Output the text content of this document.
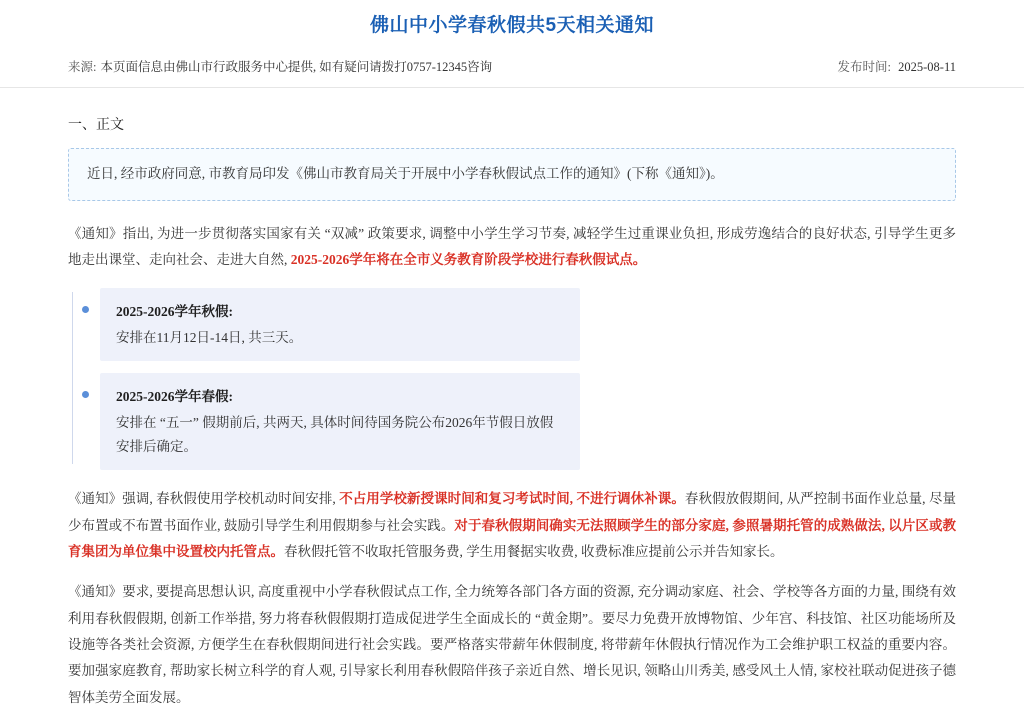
佛山中小学春秋假共5天相关通知
来源: 本页面信息由佛山市行政服务中心提供, 如有疑问请拨打0757-12345咨询	发布时间: 2025-08-11
一、正文
近日, 经市政府同意, 市教育局印发《佛山市教育局关于开展中小学春秋假试点工作的通知》(下称《通知》)。

《通知》指出, 为进一步贯彻落实国家有关 “双减” 政策要求, 调整中小学生学习节奏, 减轻学生过重课业负担, 形成劳逸结合的良好状态, 引导学生更多地走出课堂、走向社会、走进大自然, 2025-2026学年将在全市义务教育阶段学校进行春秋假试点。

2025-2026学年秋假:
安排在11月12日-14日, 共三天。
2025-2026学年春假:
安排在 “五一” 假期前后, 共两天, 具体时间待国务院公布2026年节假日放假安排后确定。

《通知》强调, 春秋假使用学校机动时间安排, 不占用学校新授课时间和复习考试时间, 不进行调休补课。春秋假放假期间, 从严控制书面作业总量, 尽量少布置或不布置书面作业, 鼓励引导学生利用假期参与社会实践。对于春秋假期间确实无法照顾学生的部分家庭, 参照暑期托管的成熟做法, 以片区或教育集团为单位集中设置校内托管点。春秋假托管不收取托管服务费, 学生用餐据实收费, 收费标准应提前公示并告知家长。

《通知》要求, 要提高思想认识, 高度重视中小学春秋假试点工作, 全力统筹各部门各方面的资源, 充分调动家庭、社会、学校等各方面的力量, 围绕有效利用春秋假假期, 创新工作举措, 努力将春秋假假期打造成促进学生全面成长的 “黄金期”。要尽力免费开放博物馆、少年宫、科技馆、社区功能场所及设施等各类社会资源, 方便学生在春秋假期间进行社会实践。要严格落实带薪年休假制度, 将带薪年休假执行情况作为工会维护职工权益的重要内容。要加强家庭教育, 帮助家长树立科学的育人观, 引导家长利用春秋假陪伴孩子亲近自然、增长见识, 领略山川秀美, 感受风土人情, 家校社联动促进孩子德智体美劳全面发展。
